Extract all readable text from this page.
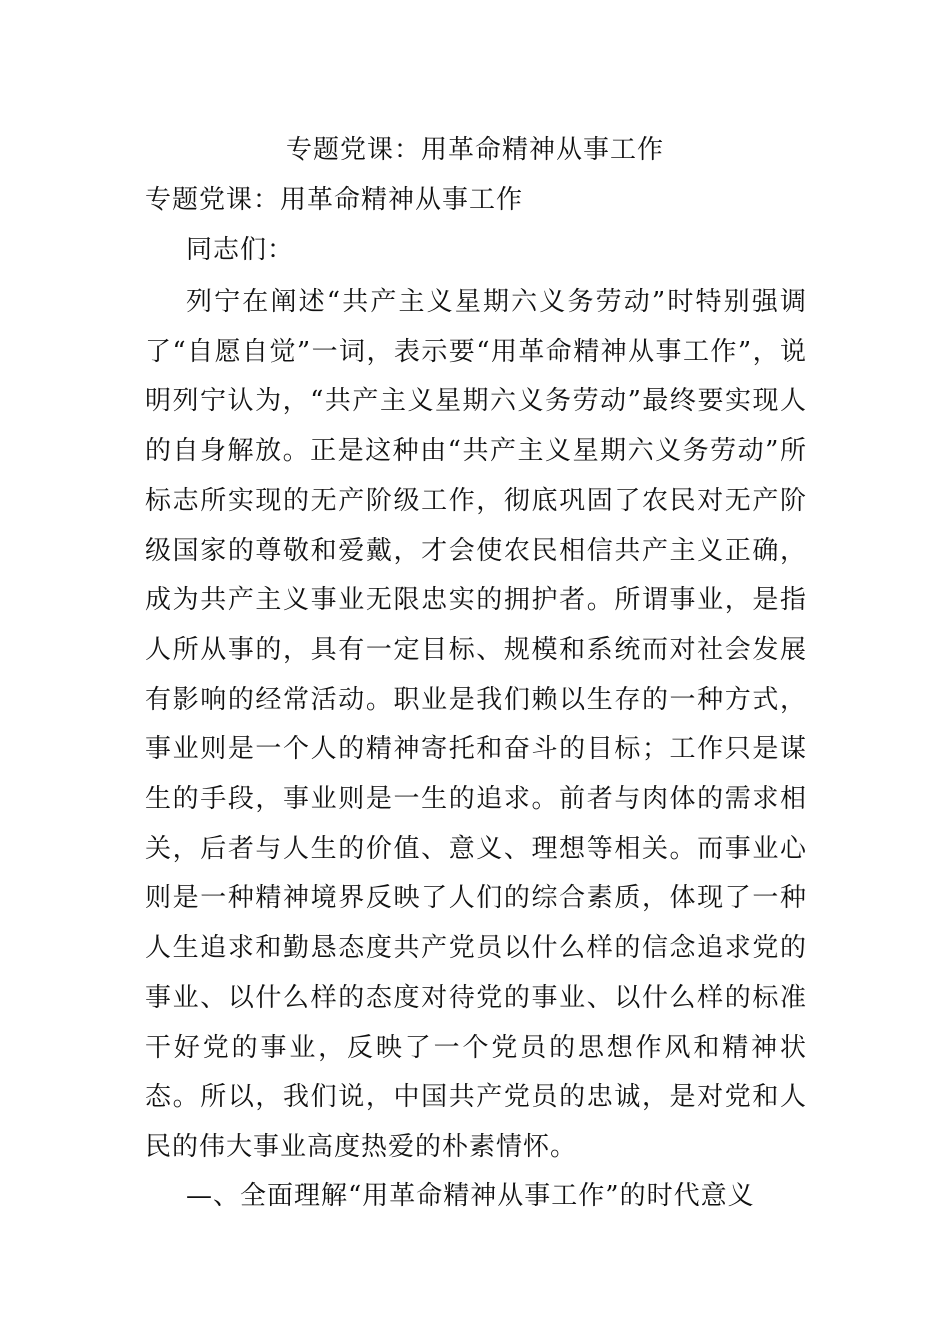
专题党课：用革命精神从事工作
专题党课：用革命精神从事工作
同志们：

列宁在阐述“共产主义星期六义务劳动”时特别强调了“自愿自觉”一词，表示要“用革命精神从事工作”，说明列宁认为，“共产主义星期六义务劳动”最终要实现人的自身解放。正是这种由“共产主义星期六义务劳动”所标志所实现的无产阶级工作，彻底巩固了农民对无产阶级国家的尊敬和爱戴，才会使农民相信共产主义正确，成为共产主义事业无限忠实的拥护者。所谓事业，是指人所从事的，具有一定目标、规模和系统而对社会发展有影响的经常活动。职业是我们赖以生存的一种方式，事业则是一个人的精神寄托和奋斗的目标；工作只是谋生的手段，事业则是一生的追求。前者与肉体的需求相关，后者与人生的价值、意义、理想等相关。而事业心则是一种精神境界反映了人们的综合素质，体现了一种人生追求和勤恳态度共产党员以什么样的信念追求党的事业、以什么样的态度对待党的事业、以什么样的标准干好党的事业，反映了一个党员的思想作风和精神状态。所以，我们说，中国共产党员的忠诚，是对党和人民的伟大事业高度热爱的朴素情怀。

—、全面理解“用革命精神从事工作”的时代意义
